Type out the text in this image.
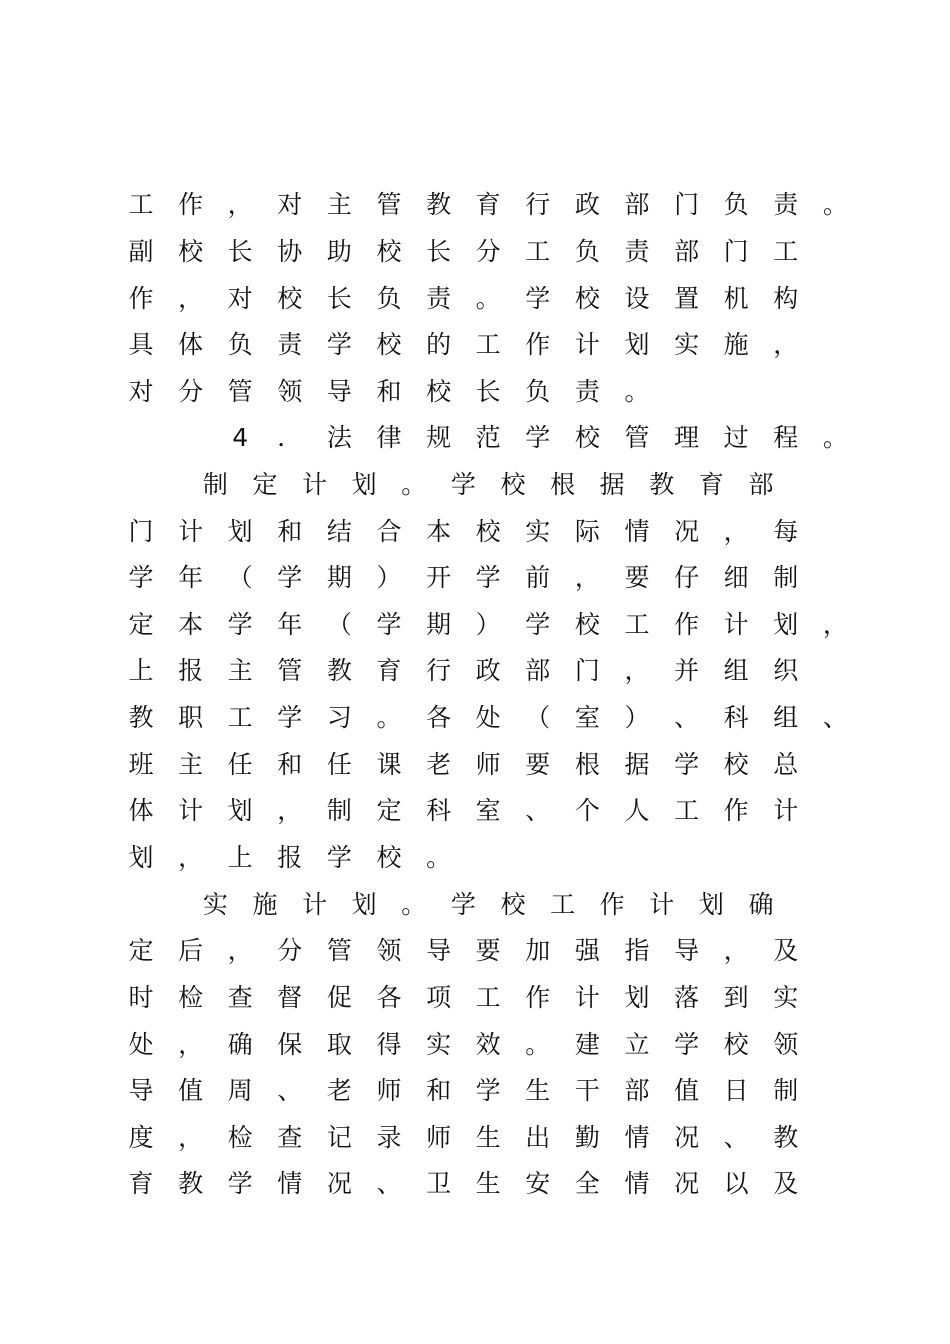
工 作 ， 对 主 管 教 育 行 政 部 门 负 责 。
副 校 长 协 助 校 长 分 工 负 责 部 门 工
作 ， 对 校 长 负 责 。 学 校 设 置 机 构
具 体 负 责 学 校 的 工 作 计 划 实 施 ，
对 分 管 领 导 和 校 长 负 责 。
4 ． 法 律 规 范 学 校 管 理 过 程 。
制 定 计 划 。 学 校 根 据 教 育 部
门 计 划 和 结 合 本 校 实 际 情 况 ， 每
学 年 （ 学 期 ） 开 学 前 ， 要 仔 细 制
定 本 学 年 （ 学 期 ） 学 校 工 作 计 划 ，
上 报 主 管 教 育 行 政 部 门 ， 并 组 织
教 职 工 学 习 。 各 处 （ 室 ） 、 科 组 、
班 主 任 和 任 课 老 师 要 根 据 学 校 总
体 计 划 ， 制 定 科 室 、 个 人 工 作 计
划 ， 上 报 学 校 。
实 施 计 划 。 学 校 工 作 计 划 确
定 后 ， 分 管 领 导 要 加 强 指 导 ， 及
时 检 查 督 促 各 项 工 作 计 划 落 到 实
处 ， 确 保 取 得 实 效 。 建 立 学 校 领
导 值 周 、 老 师 和 学 生 干 部 值 日 制
度 ， 检 查 记 录 师 生 出 勤 情 况 、 教
育 教 学 情 况 、 卫 生 安 全 情 况 以 及
